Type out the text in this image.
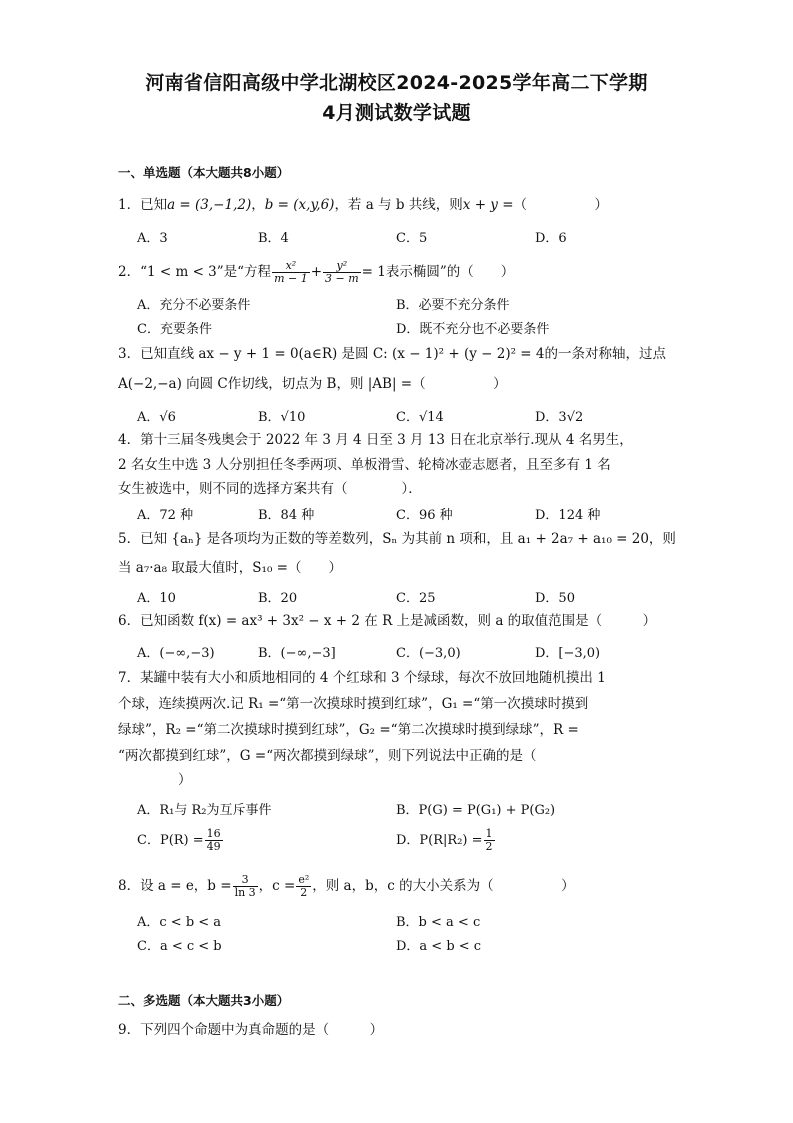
河南省信阳高级中学北湖校区2024-2025学年高二下学期
4月测试数学试题
一、单选题（本大题共8小题）
1．已知a = (3,−1,2)，b = (x,y,6)，若 a 与 b 共线，则x + y =（　　　　　）
A．3	B．4	C．5	D．6
2．“1 < m < 3”是“方程 $\frac{\text{x²}}{m - 1} + \frac{\text{y²}}{3 - m} = 1$表示椭圆”的（　　）
A．充分不必要条件	B．必要不充分条件
C．充要条件	D．既不充分也不必要条件
3．已知直线 ax − y + 1 = 0(a∈R) 是圆 C: (x − 1)² + (y − 2)² = 4的一条对称轴，过点
A(−2,−a) 向圆 C作切线，切点为 B，则 |AB| =（　　　　　）
A．√6	B．√10	C．√14	D．3√2
4．第十三届冬残奥会于 2022 年 3 月 4 日至 3 月 13 日在北京举行.现从 4 名男生，
2 名女生中选 3 人分别担任冬季两项、单板滑雪、轮椅冰壶志愿者，且至多有 1 名
女生被选中，则不同的选择方案共有（　　　　）．
A．72 种	B．84 种	C．96 种	D．124 种
5．已知 {aₙ} 是各项均为正数的等差数列，Sₙ 为其前 n 项和，且 a₁ + 2a₇ + a₁₀ = 20，则
当 a₇·a₈ 取最大值时，S₁₀ =（　　）
A．10	B．20	C．25	D．50
6．已知函数 f(x) = ax³ + 3x² − x + 2 在 R 上是减函数，则 a 的取值范围是（　　　）
A．(−∞,−3)	B．(−∞,−3]	C．(−3,0)	D．[−3,0)
7．某罐中装有大小和质地相同的 4 个红球和 3 个绿球，每次不放回地随机摸出 1
个球，连续摸两次.记 R₁ =“第一次摸球时摸到红球”，G₁ =“第一次摸球时摸到
绿球”，R₂ =“第二次摸球时摸到红球”，G₂ =“第二次摸球时摸到绿球”，R =
“两次都摸到红球”，G =“两次都摸到绿球”，则下列说法中正确的是（
）
A．R₁与 R₂为互斥事件	B．P(G) = P(G₁) + P(G₂)
C．$P(R) = \frac{16}{49}$	D．$P(R|R_2) = \frac{1}{2}$
8．设 a = e，$b = \frac{3}{\ln 3}$ ，$c = \frac{\text{e²}}{2}$ ，则 a，b，c 的大小关系为（　　　　　）
A．c < b < a	B．b < a < c
C．a < c < b	D．a < b < c
二、多选题（本大题共3小题）
9．下列四个命题中为真命题的是（　　　）
